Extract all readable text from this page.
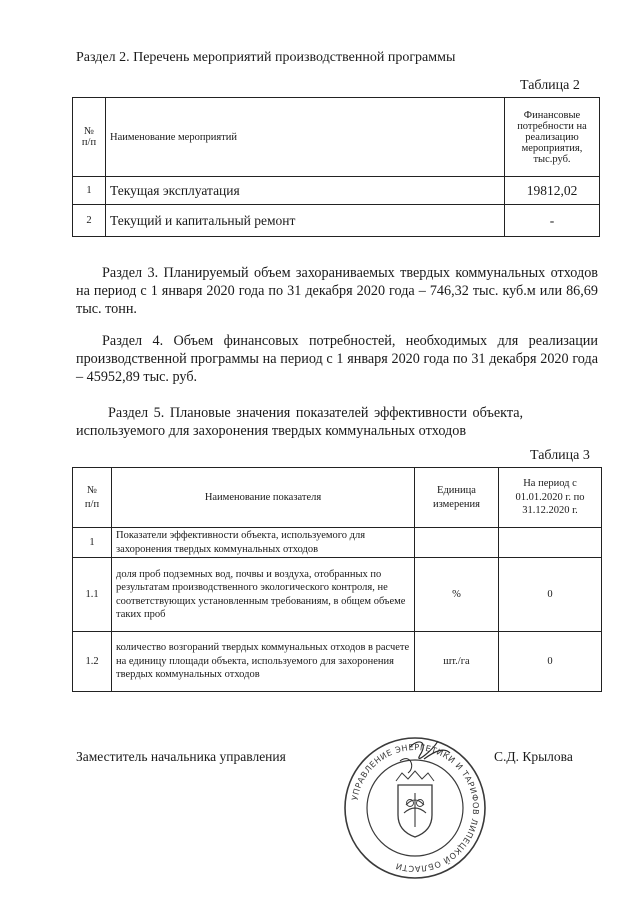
Раздел 2. Перечень мероприятий производственной программы
Таблица 2
№
п/п	Наименование мероприятий	Финансовые потребности на реализацию мероприятия, тыс.руб.
1	Текущая эксплуатация	19812,02
2	Текущий и капитальный ремонт	-
Раздел 3. Планируемый объем захораниваемых твердых коммунальных отходов на период с 1 января 2020 года по 31 декабря 2020 года – 746,32 тыс. куб.м или 86,69 тыс. тонн.
Раздел 4. Объем финансовых потребностей, необходимых для реализации производственной программы на период с 1 января 2020 года по 31 декабря 2020 года – 45952,89 тыс. руб.
Раздел 5. Плановые значения показателей эффективности объекта,
используемого для захоронения твердых коммунальных отходов
Таблица 3
№
п/п	Наименование показателя	Единица измерения	На период с 01.01.2020 г. по 31.12.2020 г.
1	Показатели эффективности объекта, используемого для захоронения твердых коммунальных отходов		
1.1	доля проб подземных вод, почвы и воздуха, отобранных по результатам производственного экологического контроля, не соответствующих установленным требованиям, в общем объеме таких проб	%	0
1.2	количество возгораний твердых коммунальных отходов в расчете на единицу площади объекта, используемого для захоронения твердых коммунальных отходов	шт./га	0
Заместитель начальника управления	С.Д. Крылова
УПРАВЛЕНИЕ ЭНЕРГЕТИКИ И ТАРИФОВ ЛИПЕЦКОЙ ОБЛАСТИ
